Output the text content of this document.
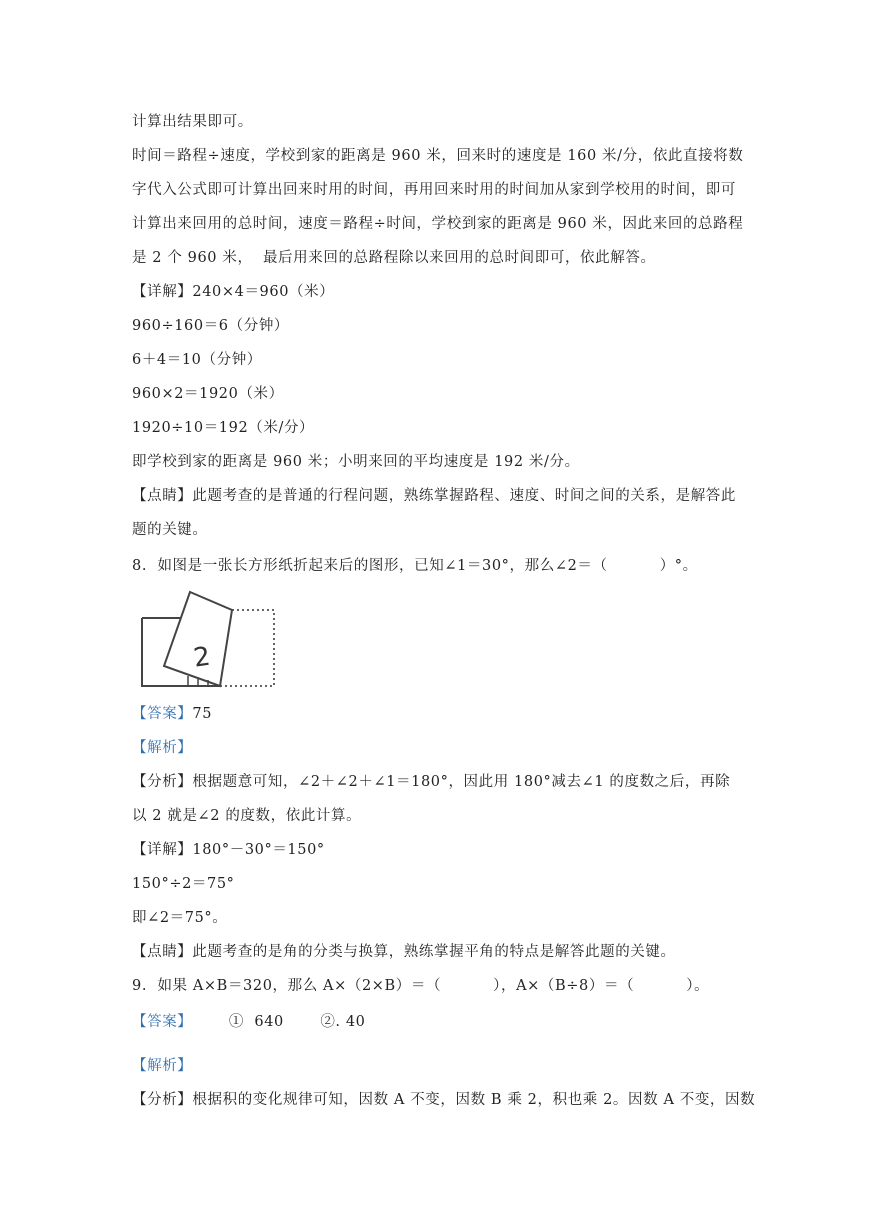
计算出结果即可。
时间＝路程÷速度，学校到家的距离是 960 米，回来时的速度是 160 米/分，依此直接将数
字代入公式即可计算出回来时用的时间，再用回来时用的时间加从家到学校用的时间，即可
计算出来回用的总时间，速度＝路程÷时间，学校到家的距离是 960 米，因此来回的总路程
是 2 个 960 米，  最后用来回的总路程除以来回用的总时间即可，依此解答。
【详解】240×4＝960（米）
960÷160＝6（分钟）
6＋4＝10（分钟）
960×2＝1920（米）
1920÷10＝192（米/分）
即学校到家的距离是 960 米；小明来回的平均速度是 192 米/分。
【点睛】此题考查的是普通的行程问题，熟练掌握路程、速度、时间之间的关系，是解答此
题的关键。
8.  如图是一张长方形纸折起来后的图形，已知∠1＝30°，那么∠2＝（          ）°。
2
【答案】75
【解析】
【分析】根据题意可知，∠2＋∠2＋∠1＝180°，因此用 180°减去∠1 的度数之后，再除
以 2 就是∠2 的度数，依此计算。
【详解】180°－30°＝150°
150°÷2＝75°
即∠2＝75°。
【点睛】此题考查的是角的分类与换算，熟练掌握平角的特点是解答此题的关键。
9.  如果 A×B＝320，那么 A×（2×B）＝（          ），A×（B÷8）＝（          ）。
【答案】       ①  640       ②. 40
【解析】
【分析】根据积的变化规律可知，因数 A 不变，因数 B 乘 2，积也乘 2。因数 A 不变，因数
